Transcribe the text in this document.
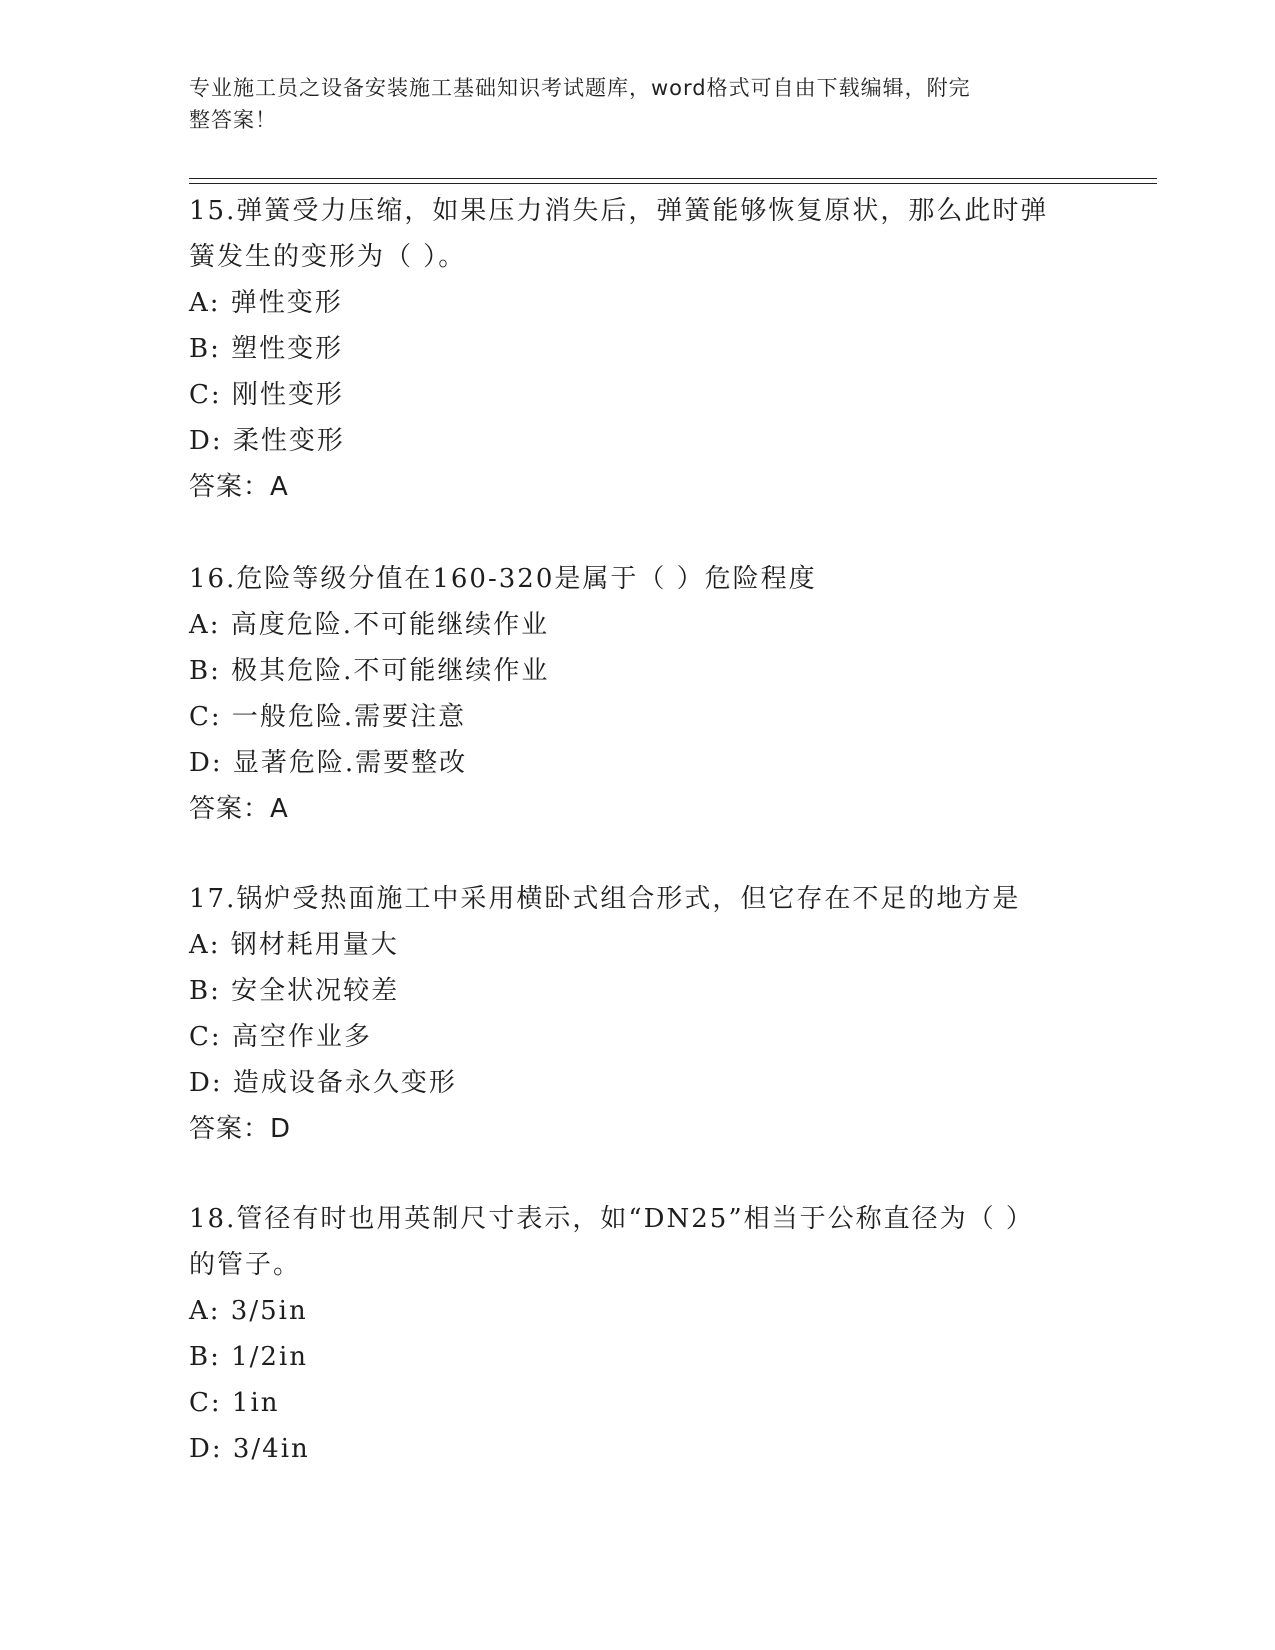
专业施工员之设备安装施工基础知识考试题库，word格式可自由下载编辑，附完
整答案！

15.弹簧受力压缩，如果压力消失后，弹簧能够恢复原状，那么此时弹

簧发生的变形为（ ）。

A: 弹性变形

B: 塑性变形

C: 刚性变形

D: 柔性变形

答案：A

16.危险等级分值在160-320是属于（ ）危险程度

A: 高度危险.不可能继续作业

B: 极其危险.不可能继续作业

C: 一般危险.需要注意

D: 显著危险.需要整改

答案：A

17.锅炉受热面施工中采用横卧式组合形式，但它存在不足的地方是

A: 钢材耗用量大

B: 安全状况较差

C: 高空作业多

D: 造成设备永久变形

答案：D

18.管径有时也用英制尺寸表示，如“DN25”相当于公称直径为（ ）

的管子。

A: 3/5in

B: 1/2in

C: 1in

D: 3/4in
